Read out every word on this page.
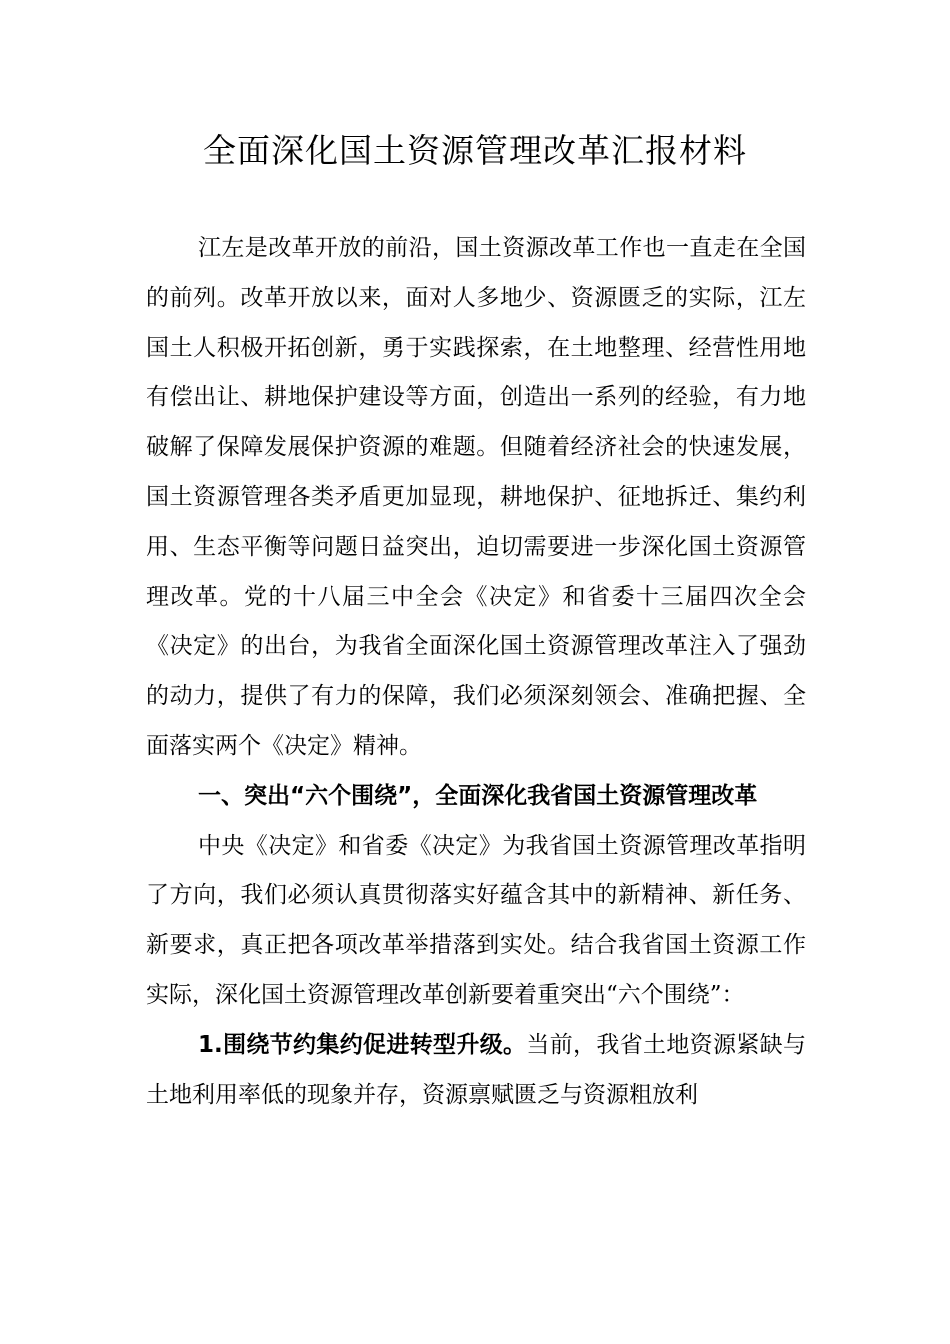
全面深化国土资源管理改革汇报材料

江左是改革开放的前沿，国土资源改革工作也一直走在全国的前列。改革开放以来，面对人多地少、资源匮乏的实际，江左国土人积极开拓创新，勇于实践探索，在土地整理、经营性用地有偿出让、耕地保护建设等方面，创造出一系列的经验，有力地破解了保障发展保护资源的难题。但随着经济社会的快速发展，国土资源管理各类矛盾更加显现，耕地保护、征地拆迁、集约利用、生态平衡等问题日益突出，迫切需要进一步深化国土资源管理改革。党的十八届三中全会《决定》和省委十三届四次全会《决定》的出台，为我省全面深化国土资源管理改革注入了强劲的动力，提供了有力的保障，我们必须深刻领会、准确把握、全面落实两个《决定》精神。

一、突出“六个围绕”，全面深化我省国土资源管理改革

中央《决定》和省委《决定》为我省国土资源管理改革指明了方向，我们必须认真贯彻落实好蕴含其中的新精神、新任务、新要求，真正把各项改革举措落到实处。结合我省国土资源工作实际，深化国土资源管理改革创新要着重突出“六个围绕”：

1.围绕节约集约促进转型升级。当前，我省土地资源紧缺与土地利用率低的现象并存，资源禀赋匮乏与资源粗放利
